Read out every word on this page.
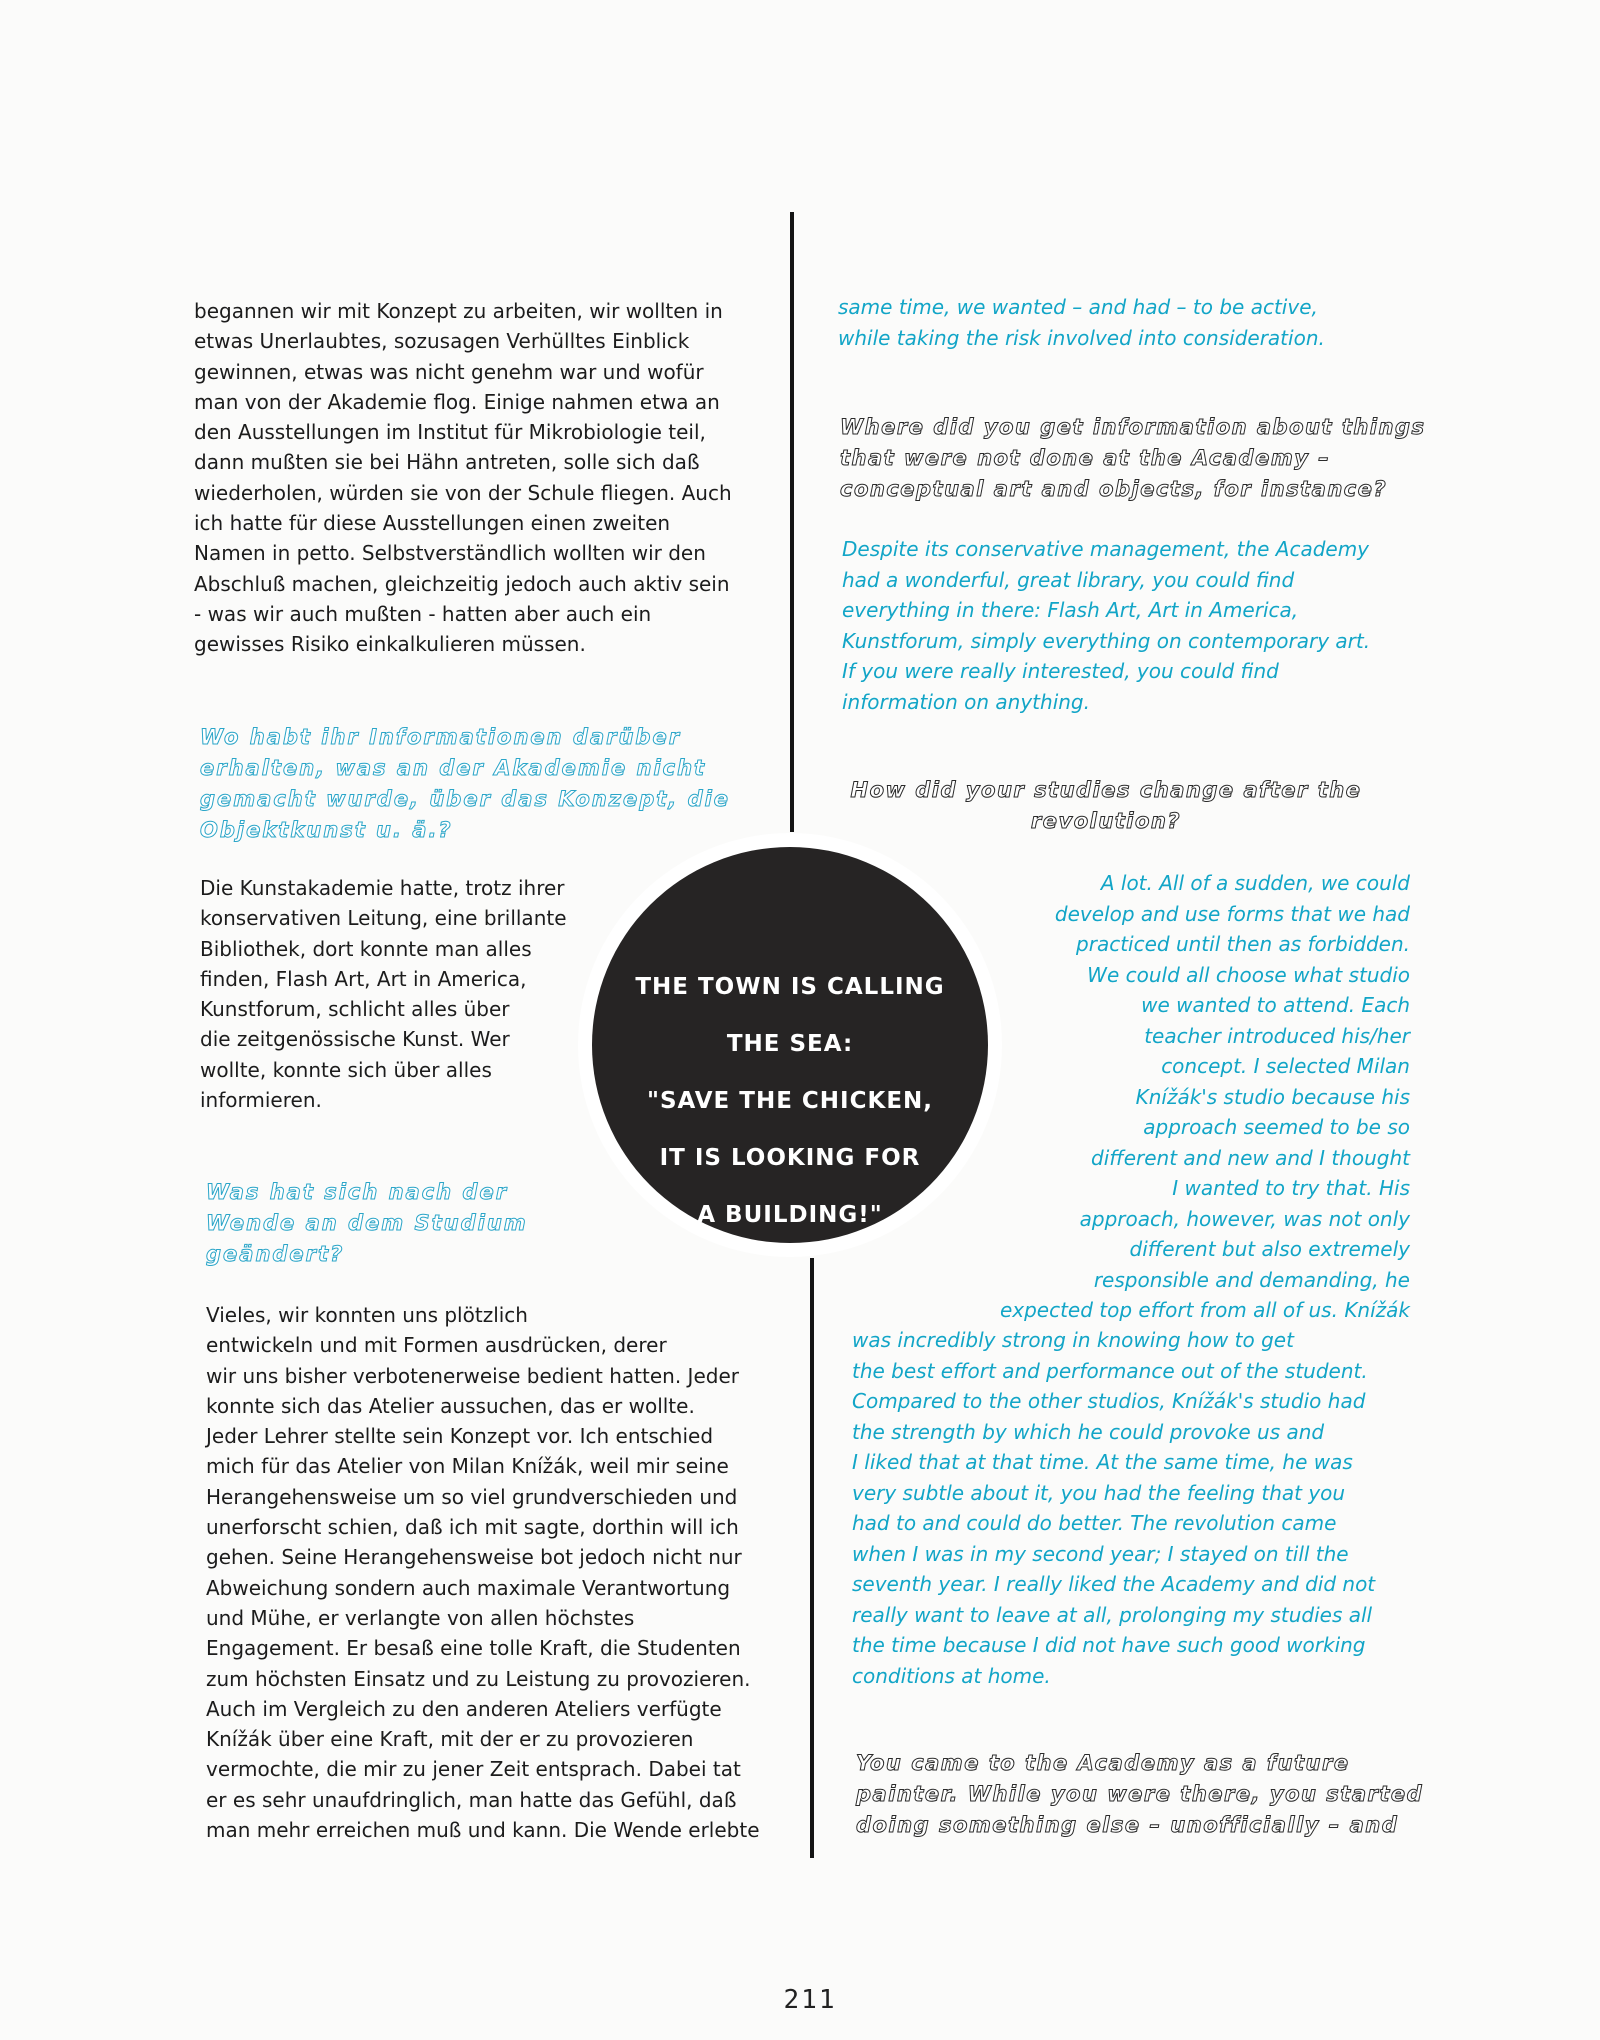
begannen wir mit Konzept zu arbeiten, wir wollten in
etwas Unerlaubtes, sozusagen Verhülltes Einblick
gewinnen, etwas was nicht genehm war und wofür
man von der Akademie flog. Einige nahmen etwa an
den Ausstellungen im Institut für Mikrobiologie teil,
dann mußten sie bei Hähn antreten, solle sich daß
wiederholen, würden sie von der Schule fliegen. Auch
ich hatte für diese Ausstellungen einen zweiten
Namen in petto. Selbstverständlich wollten wir den
Abschluß machen, gleichzeitig jedoch auch aktiv sein
- was wir auch mußten - hatten aber auch ein
gewisses Risiko einkalkulieren müssen.

Wo habt ihr Informationen darüber
erhalten, was an der Akademie nicht
gemacht wurde, über das Konzept, die
Objektkunst u. ä.?

Die Kunstakademie hatte, trotz ihrer
konservativen Leitung, eine brillante
Bibliothek, dort konnte man alles
finden, Flash Art, Art in America,
Kunstforum, schlicht alles über
die zeitgenössische Kunst. Wer
wollte, konnte sich über alles
informieren.

Was hat sich nach der
Wende an dem Studium
geändert?

Vieles, wir konnten uns plötzlich
entwickeln und mit Formen ausdrücken, derer
wir uns bisher verbotenerweise bedient hatten. Jeder
konnte sich das Atelier aussuchen, das er wollte.
Jeder Lehrer stellte sein Konzept vor. Ich entschied
mich für das Atelier von Milan Knížák, weil mir seine
Herangehensweise um so viel grundverschieden und
unerforscht schien, daß ich mit sagte, dorthin will ich
gehen. Seine Herangehensweise bot jedoch nicht nur
Abweichung sondern auch maximale Verantwortung
und Mühe, er verlangte von allen höchstes
Engagement. Er besaß eine tolle Kraft, die Studenten
zum höchsten Einsatz und zu Leistung zu provozieren.
Auch im Vergleich zu den anderen Ateliers verfügte
Knížák über eine Kraft, mit der er zu provozieren
vermochte, die mir zu jener Zeit entsprach. Dabei tat
er es sehr unaufdringlich, man hatte das Gefühl, daß
man mehr erreichen muß und kann. Die Wende erlebte

same time, we wanted – and had – to be active,
while taking the risk involved into consideration.

Where did you get information about things
that were not done at the Academy –
conceptual art and objects, for instance?

Despite its conservative management, the Academy
had a wonderful, great library, you could find
everything in there: Flash Art, Art in America,
Kunstforum, simply everything on contemporary art.
If you were really interested, you could find
information on anything.

How did your studies change after the
revolution?

A lot. All of a sudden, we could
develop and use forms that we had
practiced until then as forbidden.
We could all choose what studio
we wanted to attend. Each
teacher introduced his/her
concept. I selected Milan
Knížák's studio because his
approach seemed to be so
different and new and I thought
I wanted to try that. His
approach, however, was not only
different but also extremely
responsible and demanding, he
expected top effort from all of us. Knížák

was incredibly strong in knowing how to get
the best effort and performance out of the student.
Compared to the other studios, Knížák's studio had
the strength by which he could provoke us and
I liked that at that time. At the same time, he was
very subtle about it, you had the feeling that you
had to and could do better. The revolution came
when I was in my second year; I stayed on till the
seventh year. I really liked the Academy and did not
really want to leave at all, prolonging my studies all
the time because I did not have such good working
conditions at home.

You came to the Academy as a future
painter. While you were there, you started
doing something else – unofficially – and

THE TOWN IS CALLING
THE SEA:
"SAVE THE CHICKEN,
IT IS LOOKING FOR
A BUILDING!"

211
